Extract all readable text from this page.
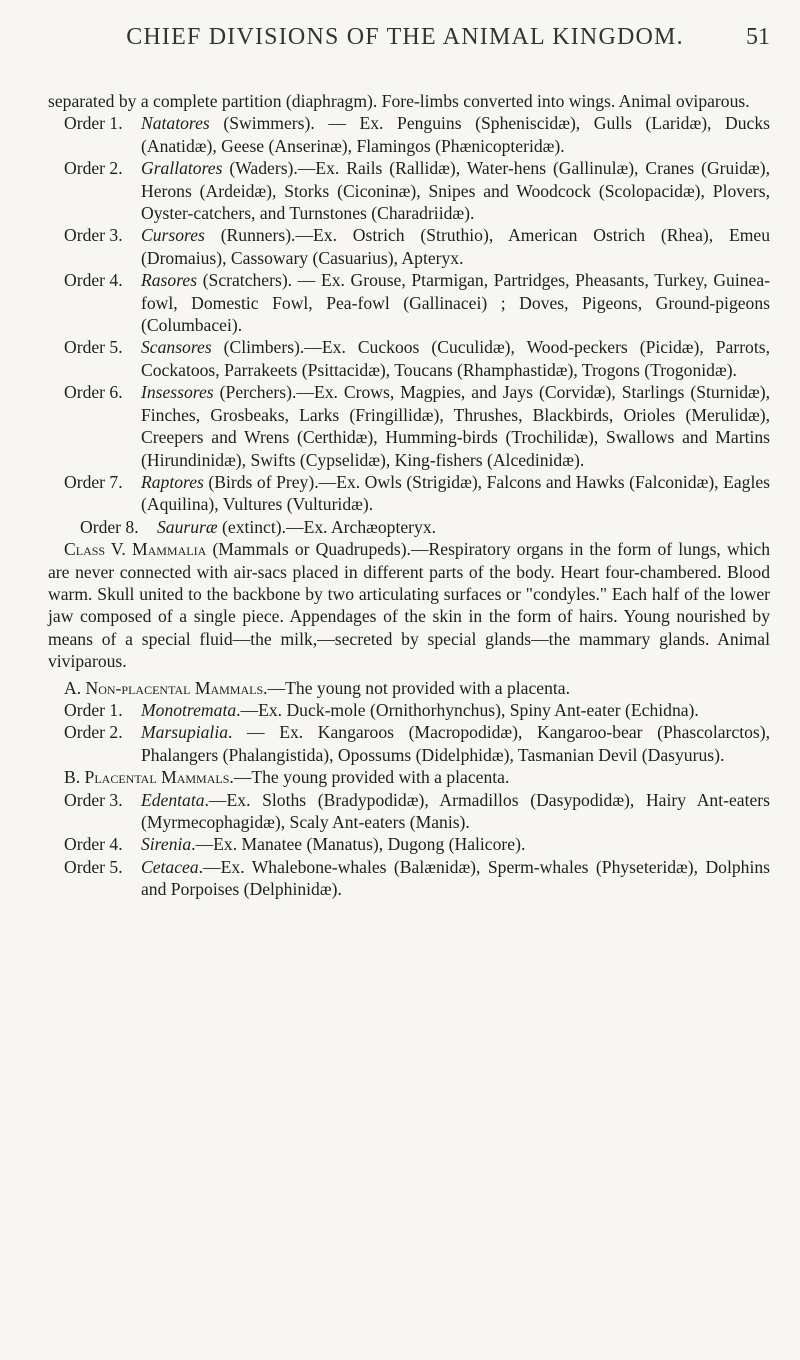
CHIEF DIVISIONS OF THE ANIMAL KINGDOM.	51

separated by a complete partition (diaphragm). Fore-limbs converted into wings. Animal oviparous.

Order 1.	Natatores (Swimmers). — Ex. Penguins (Spheniscidæ), Gulls (Laridæ), Ducks (Anatidæ), Geese (Anserinæ), Flamingos (Phænicopteridæ).
Order 2.	Grallatores (Waders).—Ex. Rails (Rallidæ), Water-hens (Gallinulæ), Cranes (Gruidæ), Herons (Ardeidæ), Storks (Ciconinæ), Snipes and Woodcock (Scolopacidæ), Plovers, Oyster-catchers, and Turnstones (Charadriidæ).
Order 3.	Cursores (Runners).—Ex. Ostrich (Struthio), American Ostrich (Rhea), Emeu (Dromaius), Cassowary (Casuarius), Apteryx.
Order 4.	Rasores (Scratchers). — Ex. Grouse, Ptarmigan, Partridges, Pheasants, Turkey, Guinea-fowl, Domestic Fowl, Pea-fowl (Gallinacei) ; Doves, Pigeons, Ground-pigeons (Columbacei).
Order 5.	Scansores (Climbers).—Ex. Cuckoos (Cuculidæ), Wood-peckers (Picidæ), Parrots, Cockatoos, Parrakeets (Psittacidæ), Toucans (Rhamphastidæ), Trogons (Trogonidæ).
Order 6.	Insessores (Perchers).—Ex. Crows, Magpies, and Jays (Corvidæ), Starlings (Sturnidæ), Finches, Grosbeaks, Larks (Fringillidæ), Thrushes, Blackbirds, Orioles (Merulidæ), Creepers and Wrens (Certhidæ), Humming-birds (Trochilidæ), Swallows and Martins (Hirundinidæ), Swifts (Cypselidæ), King-fishers (Alcedinidæ).
Order 7.	Raptores (Birds of Prey).—Ex. Owls (Strigidæ), Falcons and Hawks (Falconidæ), Eagles (Aquilina), Vultures (Vulturidæ).
Order 8.	Saururæ (extinct).—Ex. Archæopteryx.

Class V. Mammalia (Mammals or Quadrupeds).—Respiratory organs in the form of lungs, which are never connected with air-sacs placed in different parts of the body. Heart four-chambered. Blood warm. Skull united to the backbone by two articulating surfaces or "condyles." Each half of the lower jaw composed of a single piece. Appendages of the skin in the form of hairs. Young nourished by means of a special fluid—the milk,—secreted by special glands—the mammary glands. Animal viviparous.

A. Non-placental Mammals.—The young not provided with a placenta.

Order 1.	Monotremata.—Ex. Duck-mole (Ornithorhynchus), Spiny Ant-eater (Echidna).
Order 2.	Marsupialia. — Ex. Kangaroos (Macropodidæ), Kangaroo-bear (Phascolarctos), Phalangers (Phalangistida), Opossums (Didelphidæ), Tasmanian Devil (Dasyurus).

B. Placental Mammals.—The young provided with a placenta.

Order 3.	Edentata.—Ex. Sloths (Bradypodidæ), Armadillos (Dasypodidæ), Hairy Ant-eaters (Myrmecophagidæ), Scaly Ant-eaters (Manis).
Order 4.	Sirenia.—Ex. Manatee (Manatus), Dugong (Halicore).
Order 5.	Cetacea.—Ex. Whalebone-whales (Balænidæ), Sperm-whales (Physeteridæ), Dolphins and Porpoises (Delphinidæ).
